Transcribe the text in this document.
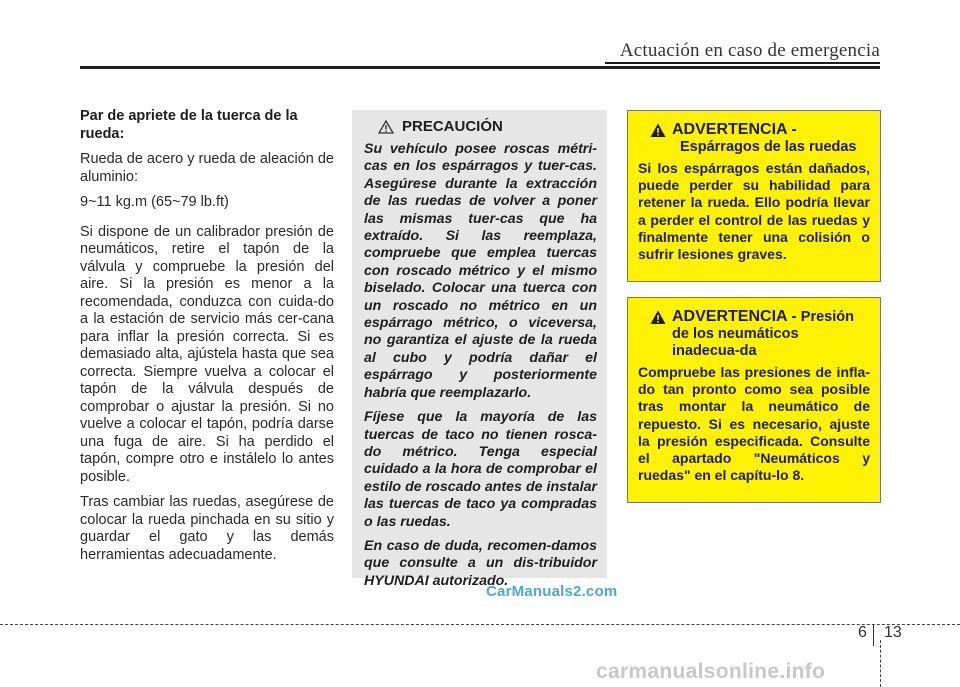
Actuación en caso de emergencia
Par de apriete de la tuerca de la rueda:

Rueda de acero y rueda de aleación de aluminio:

9~11 kg.m (65~79 lb.ft)

Si dispone de un calibrador presión de neumáticos, retire el tapón de la válvula y compruebe la presión del aire. Si la presión es menor a la recomendada, conduzca con cuida-do a la estación de servicio más cer-cana para inflar la presión correcta. Si es demasiado alta, ajústela hasta que sea correcta. Siempre vuelva a colocar el tapón de la válvula después de comprobar o ajustar la presión. Si no vuelve a colocar el tapón, podría darse una fuga de aire. Si ha perdido el tapón, compre otro e instálelo lo antes posible.

Tras cambiar las ruedas, asegúrese de colocar la rueda pinchada en su sitio y guardar el gato y las demás herramientas adecuadamente.

PRECAUCIÓN

Su vehículo posee roscas métri-cas en los espárragos y tuer-cas. Asegúrese durante la extracción de las ruedas de volver a poner las mismas tuer-cas que ha extraído. Si las reemplaza, compruebe que emplea tuercas con roscado métrico y el mismo biselado. Colocar una tuerca con un roscado no métrico en un espárrago métrico, o viceversa, no garantiza el ajuste de la rueda al cubo y podría dañar el espárrago y posteriormente habría que reemplazarlo.

Fíjese que la mayoría de las tuercas de taco no tienen rosca-do métrico. Tenga especial cuidado a la hora de comprobar el estilo de roscado antes de instalar las tuercas de taco ya compradas o las ruedas.

En caso de duda, recomen-damos que consulte a un dis-tribuidor HYUNDAI autorizado.

ADVERTENCIA -
Espárragos de las ruedas

Si los espárragos están dañados, puede perder su habilidad para retener la rueda. Ello podría llevar a perder el control de las ruedas y finalmente tener una colisión o sufrir lesiones graves.

ADVERTENCIA - Presión
de los neumáticos inadecua-da

Compruebe las presiones de infla-do tan pronto como sea posible tras montar la neumático de repuesto. Si es necesario, ajuste la presión especificada. Consulte el apartado "Neumáticos y ruedas" en el capítu-lo 8.

CarManuals2.com
6 13
carmanualsonline.info
